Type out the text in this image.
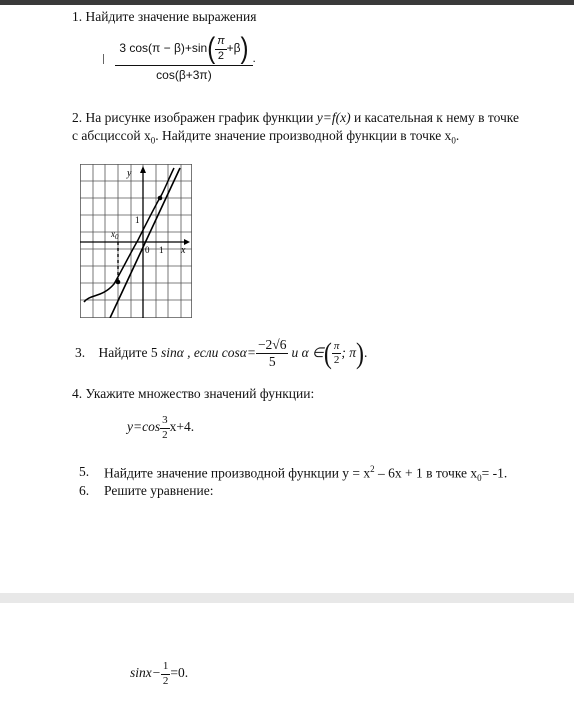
1. Найдите значение выражения

$\frac{3 \cos(\pi - \beta)+\sin( \frac{\pi}{2} +\beta)}{\cos(\beta+3\pi)}$ .
2. На рисунке изображен график функции y=f(x) и касательная к нему в точке
с абсциссой $x_0$. Найдите значение производной функции в точке $x_0$.
y
x
1
0 1
$x_0$
3. Найдите 5 sinα , если $\cos\alpha= \frac{-2√6}{5}$ и α ∈( $\frac{\pi}{2}$ ; π).
4. Укажите множество значений функции:
$y=\cos \frac{3}{2} x+4$.
5. Найдите значение производной функции $y = x^2 - 6x + 1$ в точке $x_0= -1$.
6. Решите уравнение:
$\sin x- \frac{1}{2} =0$.
